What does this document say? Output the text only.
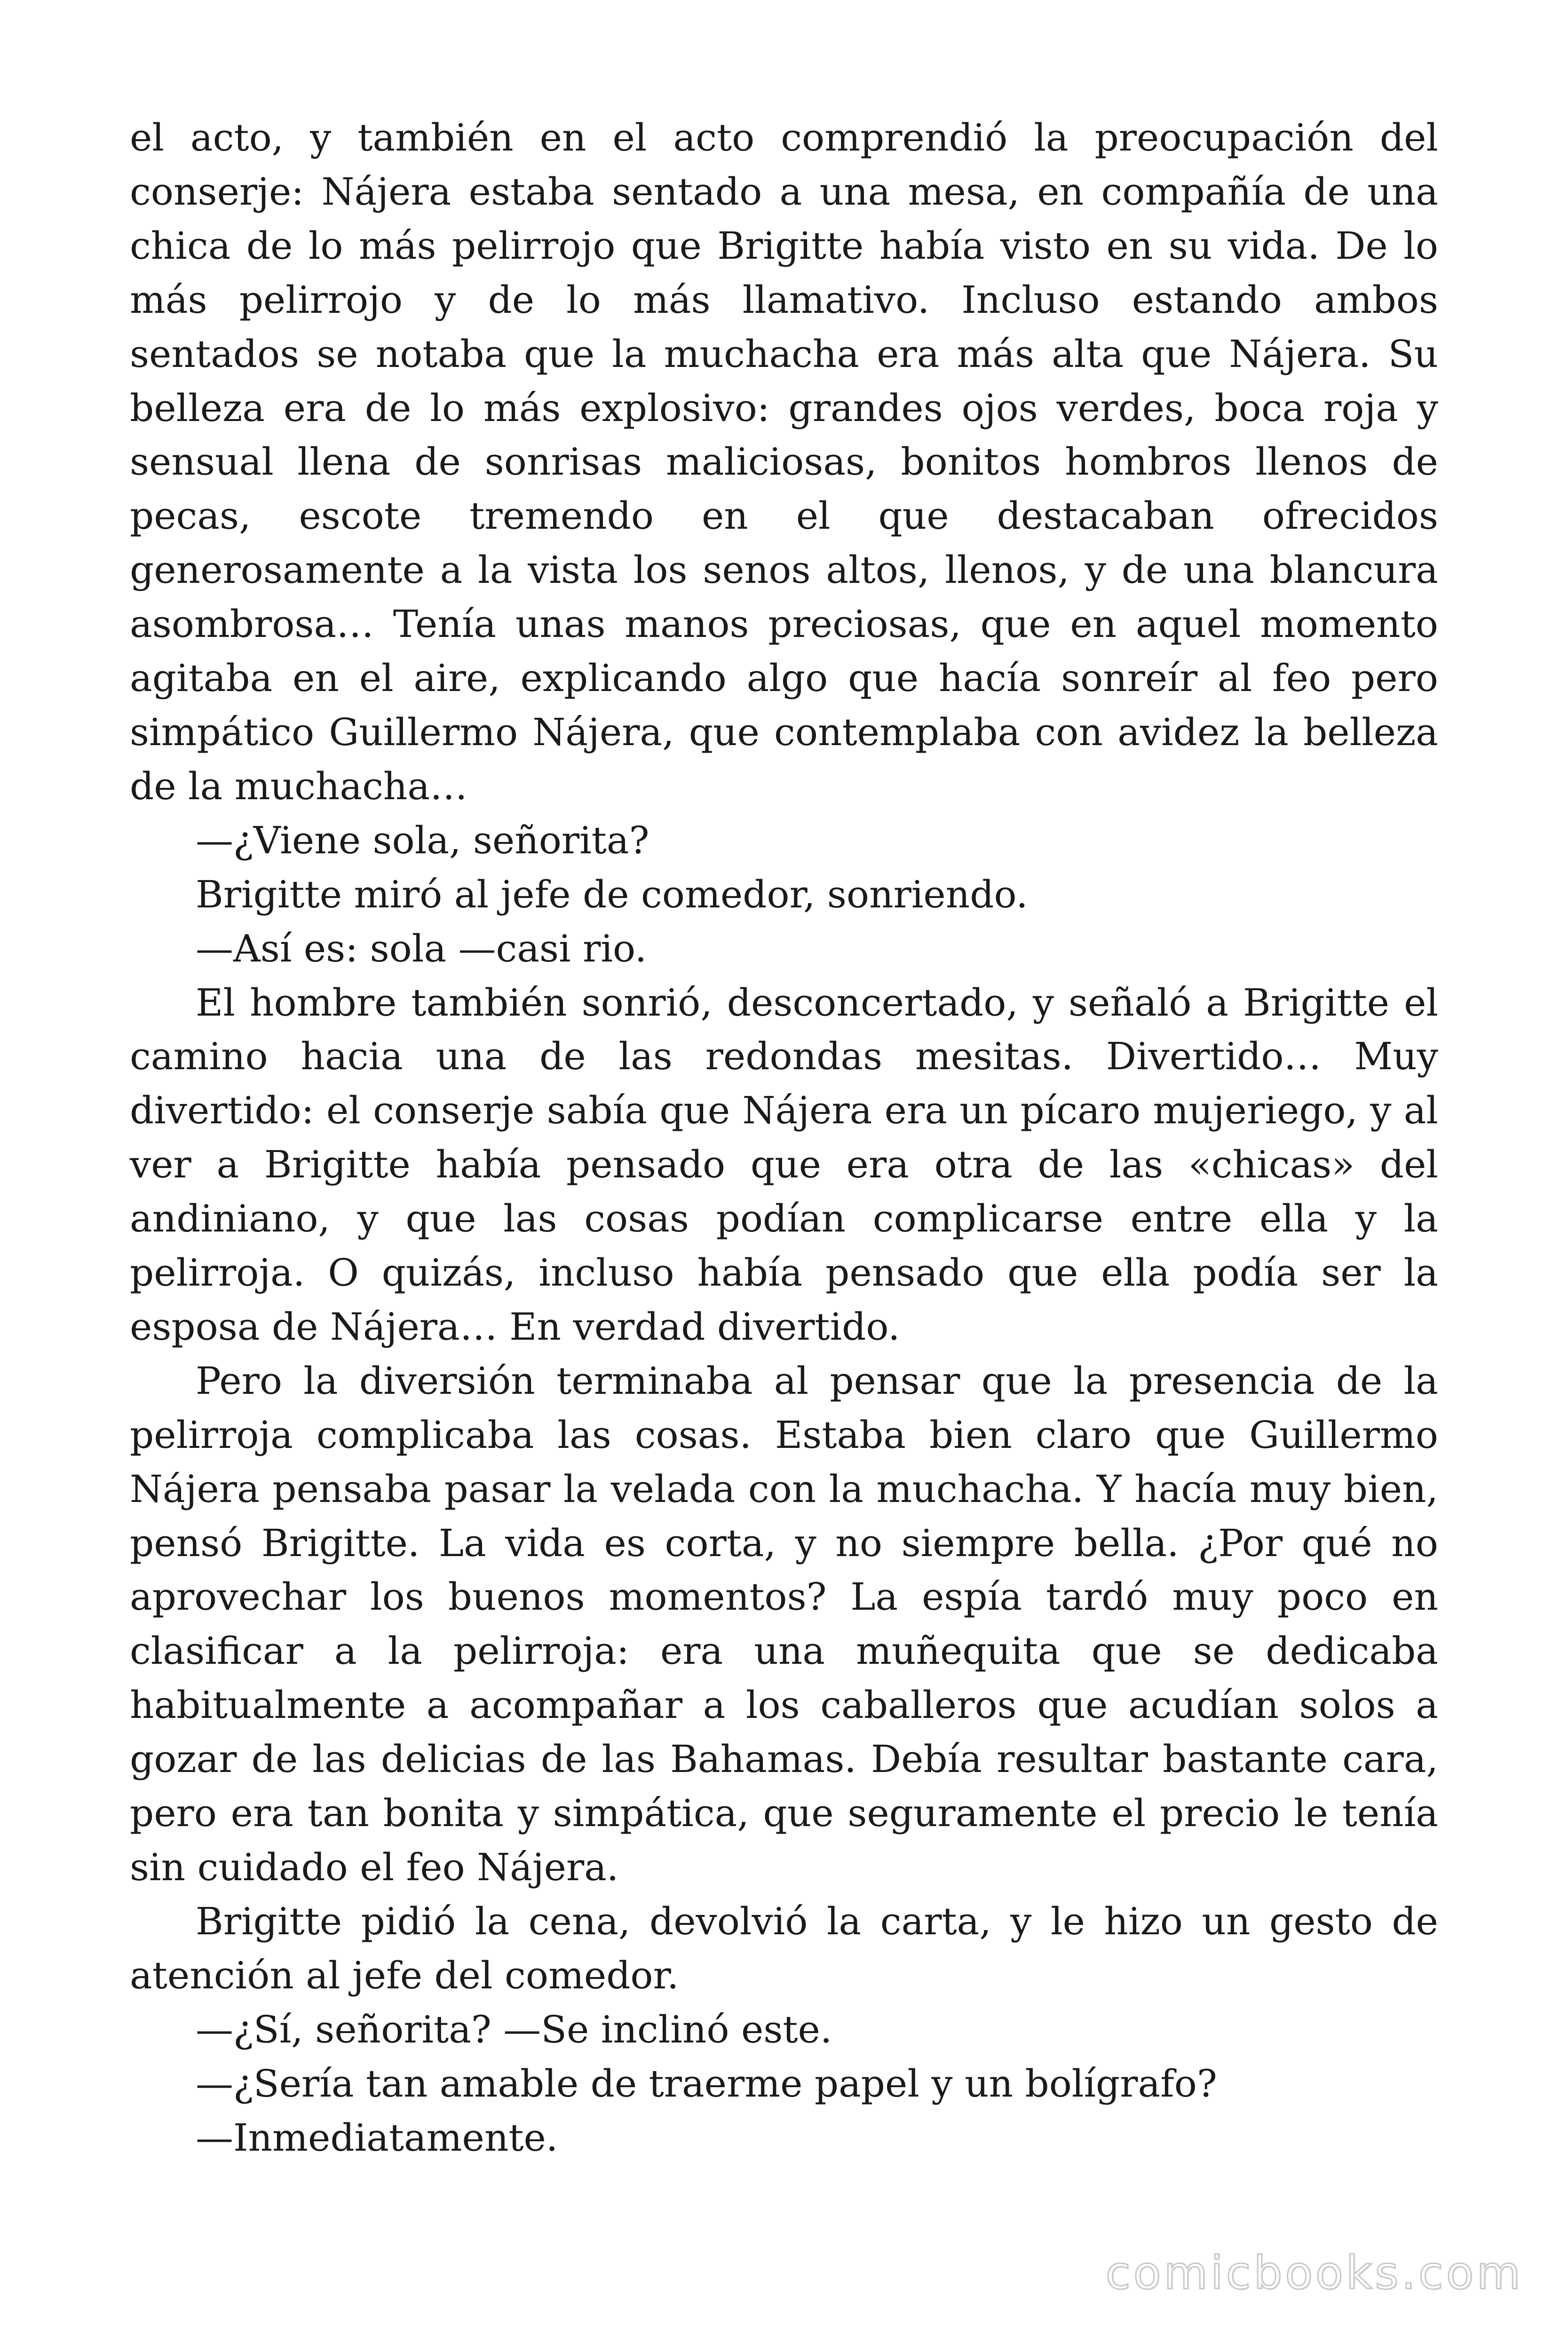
el acto, y también en el acto comprendió la preocupación del conserje: Nájera estaba sentado a una mesa, en compañía de una chica de lo más pelirrojo que Brigitte había visto en su vida. De lo más pelirrojo y de lo más llamativo. Incluso estando ambos sentados se notaba que la muchacha era más alta que Nájera. Su belleza era de lo más explosivo: grandes ojos verdes, boca roja y sensual llena de sonrisas maliciosas, bonitos hombros llenos de pecas, escote tremendo en el que destacaban ofrecidos generosamente a la vista los senos altos, llenos, y de una blancura asombrosa… Tenía unas manos preciosas, que en aquel momento agitaba en el aire, explicando algo que hacía sonreír al feo pero simpático Guillermo Nájera, que contemplaba con avidez la belleza de la muchacha…

—¿Viene sola, señorita?

Brigitte miró al jefe de comedor, sonriendo.

—Así es: sola —casi rio.

El hombre también sonrió, desconcertado, y señaló a Brigitte el camino hacia una de las redondas mesitas. Divertido… Muy divertido: el conserje sabía que Nájera era un pícaro mujeriego, y al ver a Brigitte había pensado que era otra de las «chicas» del andiniano, y que las cosas podían complicarse entre ella y la pelirroja. O quizás, incluso había pensado que ella podía ser la esposa de Nájera… En verdad divertido.

Pero la diversión terminaba al pensar que la presencia de la pelirroja complicaba las cosas. Estaba bien claro que Guillermo Nájera pensaba pasar la velada con la muchacha. Y hacía muy bien, pensó Brigitte. La vida es corta, y no siempre bella. ¿Por qué no aprovechar los buenos momentos? La espía tardó muy poco en clasificar a la pelirroja: era una muñequita que se dedicaba habitualmente a acompañar a los caballeros que acudían solos a gozar de las delicias de las Bahamas. Debía resultar bastante cara, pero era tan bonita y simpática, que seguramente el precio le tenía sin cuidado el feo Nájera.

Brigitte pidió la cena, devolvió la carta, y le hizo un gesto de atención al jefe del comedor.

—¿Sí, señorita? —Se inclinó este.

—¿Sería tan amable de traerme papel y un bolígrafo?

—Inmediatamente.

comicbooks.com
